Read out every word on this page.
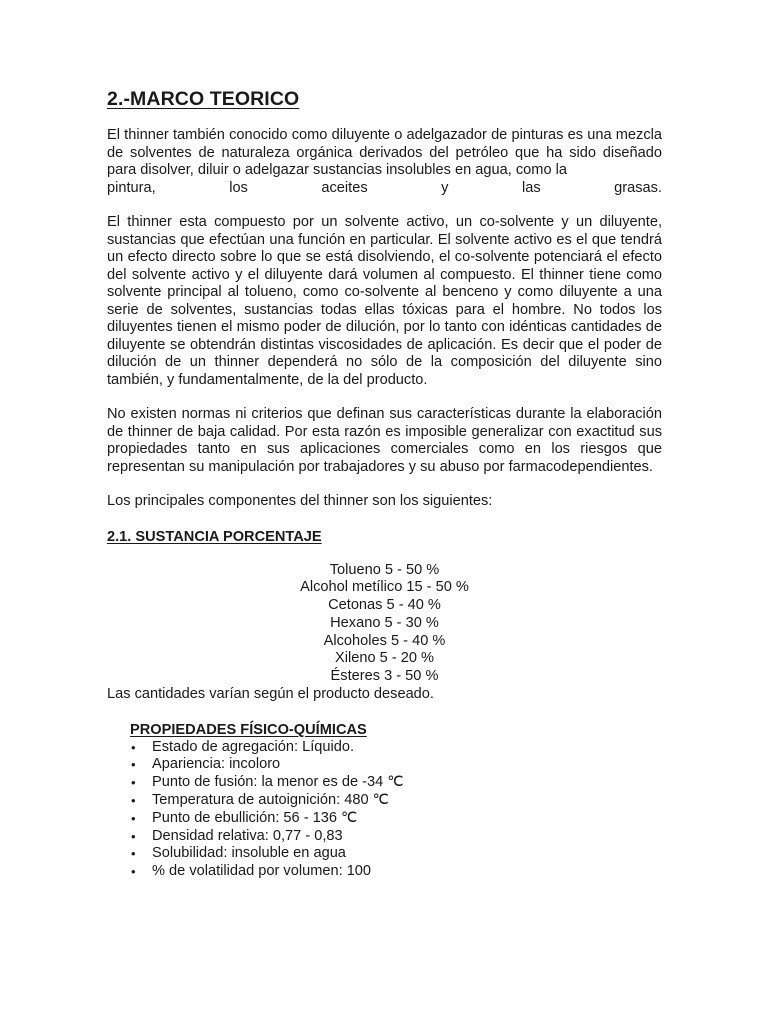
2.-MARCO TEORICO

El thinner también conocido como diluyente o adelgazador de pinturas es una mezcla de solventes de naturaleza orgánica derivados del petróleo que ha sido diseñado para disolver, diluir o adelgazar sustancias insolubles en agua, como la

pintura, los aceites y las grasas.

El thinner esta compuesto por un solvente activo, un co-solvente y un diluyente, sustancias que efectúan una función en particular. El solvente activo es el que tendrá un efecto directo sobre lo que se está disolviendo, el co-solvente potenciará el efecto del solvente activo y el diluyente dará volumen al compuesto. El thinner tiene como solvente principal al tolueno, como co-solvente al benceno y como diluyente a una serie de solventes, sustancias todas ellas tóxicas para el hombre. No todos los diluyentes tienen el mismo poder de dilución, por lo tanto con idénticas cantidades de diluyente se obtendrán distintas viscosidades de aplicación. Es decir que el poder de dilución de un thinner dependerá no sólo de la composición del diluyente sino también, y fundamentalmente, de la del producto.

No existen normas ni criterios que definan sus características durante la elaboración de thinner de baja calidad. Por esta razón es imposible generalizar con exactitud sus propiedades tanto en sus aplicaciones comerciales como en los riesgos que representan su manipulación por trabajadores y su abuso por farmacodependientes.

Los principales componentes del thinner son los siguientes:

2.1. SUSTANCIA PORCENTAJE
Tolueno 5 - 50 %
Alcohol metílico 15 - 50 %
Cetonas 5 - 40 %
Hexano 5 - 30 %
Alcoholes 5 - 40 %
Xileno 5 - 20 %
Ésteres 3 - 50 %
Las cantidades varían según el producto deseado.
PROPIEDADES FÍSICO-QUÍMICAS
• Estado de agregación: Líquido.
• Apariencia: incoloro
• Punto de fusión: la menor es de -34 ℃
• Temperatura de autoignición: 480 ℃
• Punto de ebullición: 56 - 136 ℃
• Densidad relativa: 0,77 - 0,83
• Solubilidad: insoluble en agua
• % de volatilidad por volumen: 100
